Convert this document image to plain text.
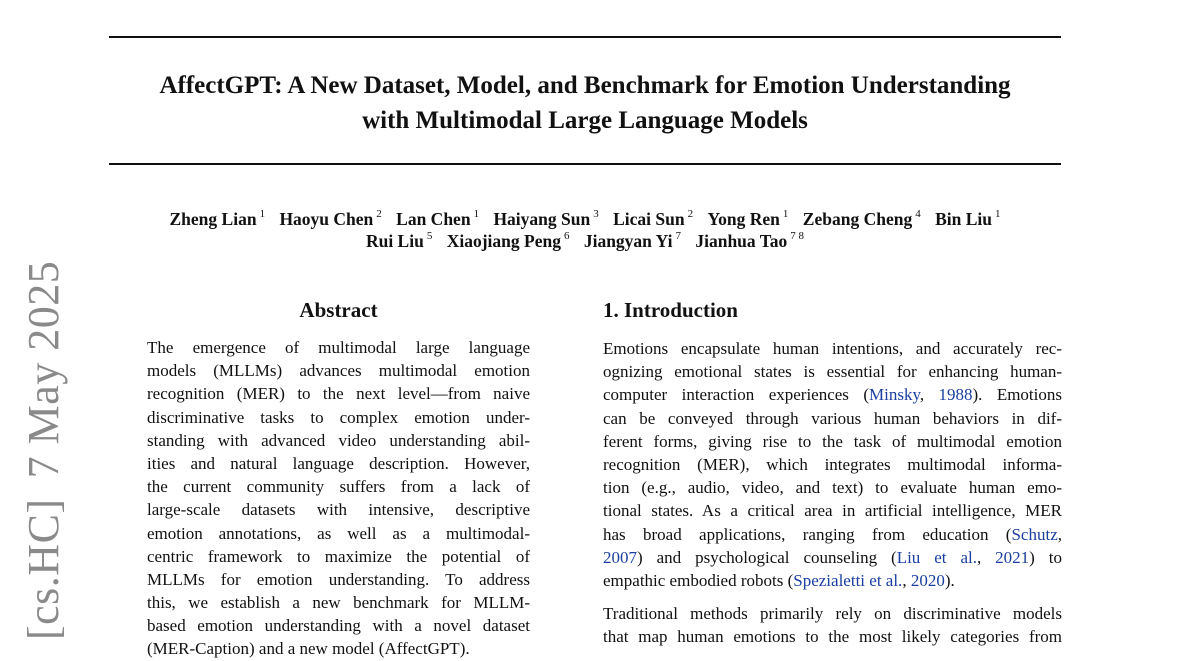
AffectGPT: A New Dataset, Model, and Benchmark for Emotion Understanding
with Multimodal Large Language Models
Zheng Lian $^1$ Haoyu Chen $^2$ Lan Chen $^1$ Haiyang Sun $^3$ Licai Sun $^2$ Yong Ren $^1$ Zebang Cheng $^4$ Bin Liu $^1$
Rui Liu $^5$ Xiaojiang Peng $^6$ Jiangyan Yi $^7$ Jianhua Tao $^{7 8}$
[cs.HC]7 May 2025	Abstract
The emergence of multimodal large language
models (MLLMs) advances multimodal emotion
recognition (MER) to the next level—from naive
discriminative tasks to complex emotion under-
standing with advanced video understanding abil-
ities and natural language description. However,
the current community suffers from a lack of
large-scale datasets with intensive, descriptive
emotion annotations, as well as a multimodal-
centric framework to maximize the potential of
MLLMs for emotion understanding. To address
this, we establish a new benchmark for MLLM-
based emotion understanding with a novel dataset
(MER-Caption) and a new model (AffectGPT).
1. Introduction
Emotions encapsulate human intentions, and accurately rec-
ognizing emotional states is essential for enhancing human-
computer interaction experiences (Minsky, 1988). Emotions
can be conveyed through various human behaviors in dif-
ferent forms, giving rise to the task of multimodal emotion
recognition (MER), which integrates multimodal informa-
tion (e.g., audio, video, and text) to evaluate human emo-
tional states. As a critical area in artificial intelligence, MER
has broad applications, ranging from education (Schutz,
2007) and psychological counseling (Liu et al., 2021) to
empathic embodied robots (Spezialetti et al., 2020).
Traditional methods primarily rely on discriminative models
that map human emotions to the most likely categories from
